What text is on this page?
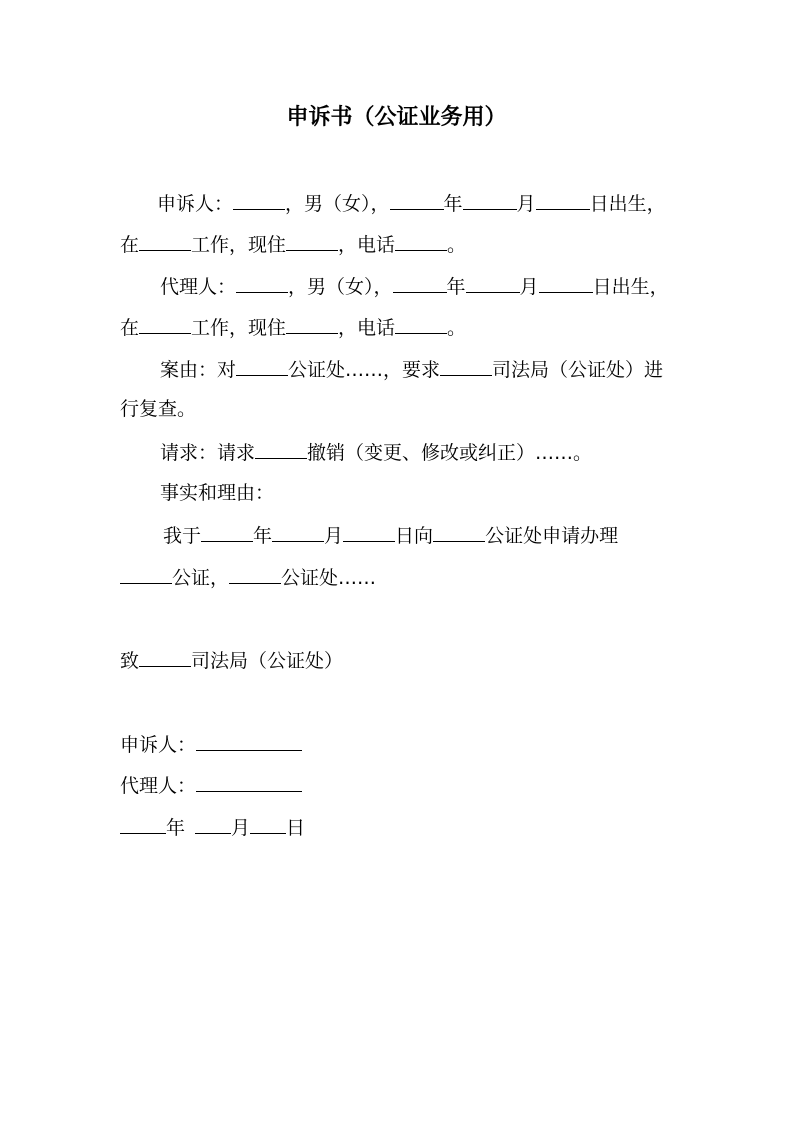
申诉书（公证业务用）
申诉人：	，男（女），	年	月	日出生，
在	工作，现住	，电话	。
代理人：	，男（女），	年	月	日出生，
在	工作，现住	，电话	。
案由：对	公证处……，要求	司法局（公证处）进
行复查。
请求：请求	撤销（变更、修改或纠正）……。
事实和理由：
我于	年	月	日向	公证处申请办理
公证，	公证处……
致	司法局（公证处）
申诉人：
代理人：
年 月 日
